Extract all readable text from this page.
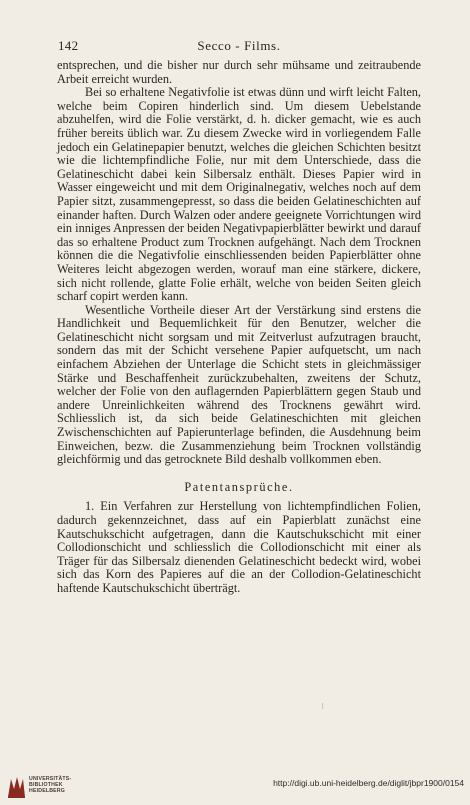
142	Secco - Films.

entsprechen, und die bisher nur durch sehr mühsame und zeitraubende Arbeit erreicht wurden.

Bei so erhaltene Negativfolie ist etwas dünn und wirft leicht Falten, welche beim Copiren hinderlich sind. Um diesem Uebelstande abzuhelfen, wird die Folie verstärkt, d. h. dicker gemacht, wie es auch früher bereits üblich war. Zu diesem Zwecke wird in vorliegendem Falle jedoch ein Gelatinepapier benutzt, welches die gleichen Schichten besitzt wie die lichtempfindliche Folie, nur mit dem Unterschiede, dass die Gelatineschicht dabei kein Silbersalz enthält. Dieses Papier wird in Wasser eingeweicht und mit dem Originalnegativ, welches noch auf dem Papier sitzt, zusammengepresst, so dass die beiden Gelatineschichten auf einander haften. Durch Walzen oder andere geeignete Vorrichtungen wird ein inniges Anpressen der beiden Negativpapierblätter bewirkt und darauf das so erhaltene Product zum Trocknen aufgehängt. Nach dem Trocknen können die die Negativfolie einschliessenden beiden Papierblätter ohne Weiteres leicht abgezogen werden, worauf man eine stärkere, dickere, sich nicht rollende, glatte Folie erhält, welche von beiden Seiten gleich scharf copirt werden kann.

Wesentliche Vortheile dieser Art der Verstärkung sind erstens die Handlichkeit und Bequemlichkeit für den Benutzer, welcher die Gelatineschicht nicht sorgsam und mit Zeitverlust aufzutragen braucht, sondern das mit der Schicht versehene Papier aufquetscht, um nach einfachem Abziehen der Unterlage die Schicht stets in gleichmässiger Stärke und Beschaffenheit zurückzubehalten, zweitens der Schutz, welcher der Folie von den auflagernden Papierblättern gegen Staub und andere Unreinlichkeiten während des Trocknens gewährt wird. Schliesslich ist, da sich beide Gelatineschichten mit gleichen Zwischenschichten auf Papierunterlage befinden, die Ausdehnung beim Einweichen, bezw. die Zusammenziehung beim Trocknen vollständig gleichförmig und das getrocknete Bild deshalb vollkommen eben.

Patentansprüche.

1. Ein Verfahren zur Herstellung von lichtempfindlichen Folien, dadurch gekennzeichnet, dass auf ein Papierblatt zunächst eine Kautschukschicht aufgetragen, dann die Kautschukschicht mit einer Collodionschicht und schliesslich die Collodionschicht mit einer als Träger für das Silbersalz dienenden Gelatineschicht bedeckt wird, wobei sich das Korn des Papieres auf die an der Collodion-Gelatineschicht haftende Kautschukschicht überträgt.

UNIVERSITÄTS-
BIBLIOTHEK
HEIDELBERG
http://digi.ub.uni-heidelberg.de/diglit/jbpr1900/0154
